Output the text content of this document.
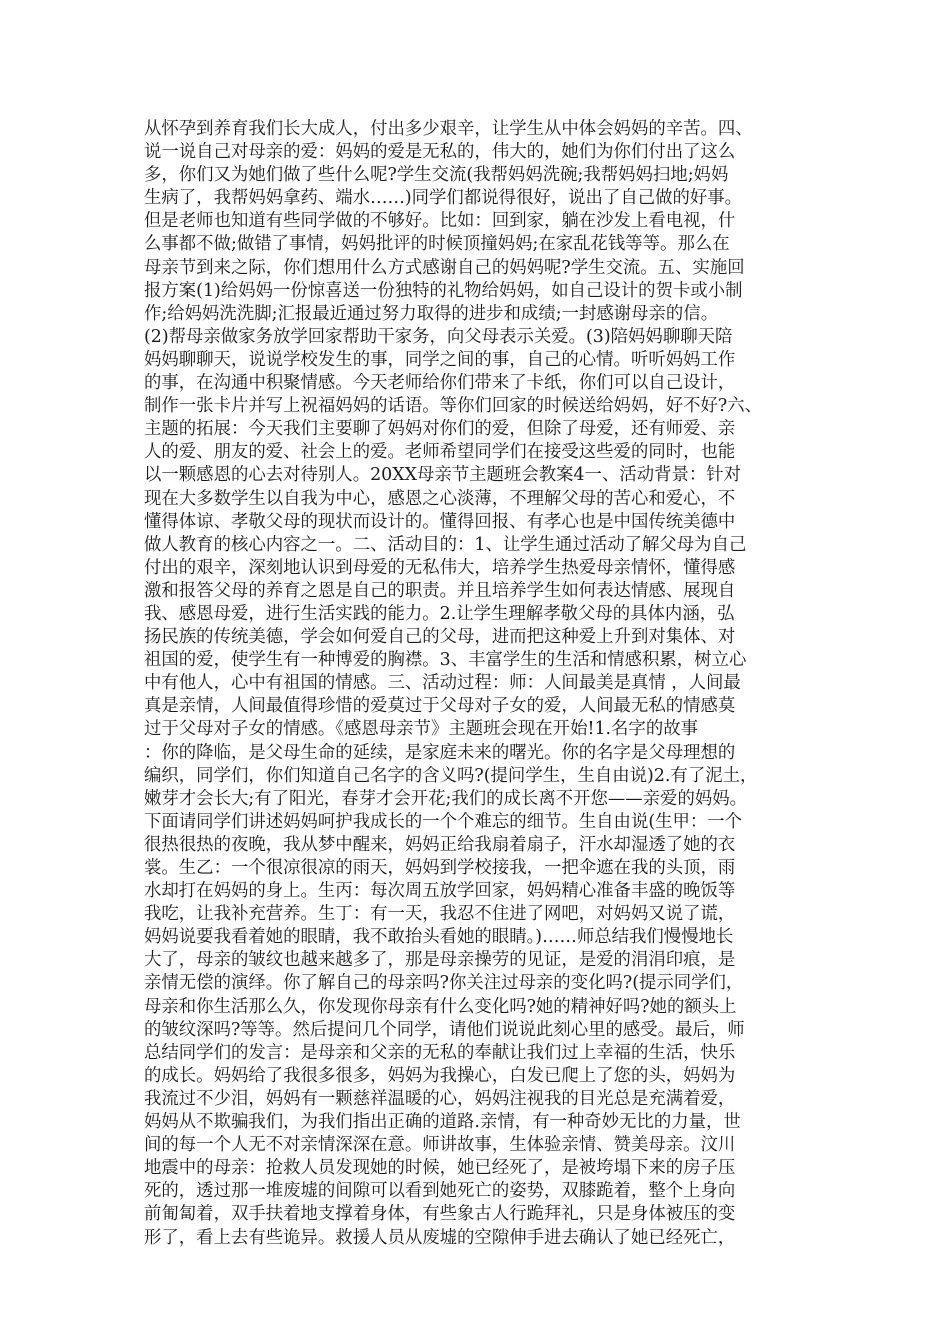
从怀孕到养育我们长大成人，付出多少艰辛，让学生从中体会妈妈的辛苦。四、
说一说自己对母亲的爱：妈妈的爱是无私的，伟大的，她们为你们付出了这么
多，你们又为她们做了些什么呢?学生交流(我帮妈妈洗碗;我帮妈妈扫地;妈妈
生病了，我帮妈妈拿药、端水……)同学们都说得很好，说出了自己做的好事。
但是老师也知道有些同学做的不够好。比如：回到家，躺在沙发上看电视，什
么事都不做;做错了事情，妈妈批评的时候顶撞妈妈;在家乱花钱等等。那么在
母亲节到来之际，你们想用什么方式感谢自己的妈妈呢?学生交流。五、实施回
报方案(1)给妈妈一份惊喜送一份独特的礼物给妈妈，如自己设计的贺卡或小制
作;给妈妈洗洗脚;汇报最近通过努力取得的进步和成绩;一封感谢母亲的信。
(2)帮母亲做家务放学回家帮助干家务，向父母表示关爱。(3)陪妈妈聊聊天陪
妈妈聊聊天，说说学校发生的事，同学之间的事，自己的心情。听听妈妈工作
的事，在沟通中积聚情感。今天老师给你们带来了卡纸，你们可以自己设计，
制作一张卡片并写上祝福妈妈的话语。等你们回家的时候送给妈妈，好不好?六、
主题的拓展：今天我们主要聊了妈妈对你们的爱，但除了母爱，还有师爱、亲
人的爱、朋友的爱、社会上的爱。老师希望同学们在接受这些爱的同时，也能
以一颗感恩的心去对待别人。20XX母亲节主题班会教案4一、活动背景：针对
现在大多数学生以自我为中心，感恩之心淡薄，不理解父母的苦心和爱心，不
懂得体谅、孝敬父母的现状而设计的。懂得回报、有孝心也是中国传统美德中
做人教育的核心内容之一。二、活动目的：1、让学生通过活动了解父母为自己
付出的艰辛，深刻地认识到母爱的无私伟大，培养学生热爱母亲情怀，懂得感
激和报答父母的养育之恩是自己的职责。并且培养学生如何表达情感、展现自
我、感恩母爱，进行生活实践的能力。2.让学生理解孝敬父母的具体内涵，弘
扬民族的传统美德，学会如何爱自己的父母，进而把这种爱上升到对集体、对
祖国的爱，使学生有一种博爱的胸襟。3、丰富学生的生活和情感积累，树立心
中有他人，心中有祖国的情感。三、活动过程：师：人间最美是真情 ，人间最
真是亲情，人间最值得珍惜的爱莫过于父母对子女的爱，人间最无私的情感莫
过于父母对子女的情感。《感恩母亲节》主题班会现在开始!1.名字的故事
：你的降临，是父母生命的延续，是家庭未来的曙光。你的名字是父母理想的
编织，同学们，你们知道自己名字的含义吗?(提问学生，生自由说)2.有了泥土，
嫩芽才会长大;有了阳光，春芽才会开花;我们的成长离不开您——亲爱的妈妈。
下面请同学们讲述妈妈呵护我成长的一个个难忘的细节。生自由说(生甲：一个
很热很热的夜晚，我从梦中醒来，妈妈正给我扇着扇子，汗水却湿透了她的衣
裳。生乙：一个很凉很凉的雨天，妈妈到学校接我，一把伞遮在我的头顶，雨
水却打在妈妈的身上。生丙：每次周五放学回家，妈妈精心准备丰盛的晚饭等
我吃，让我补充营养。生丁：有一天，我忍不住进了网吧，对妈妈又说了谎，
妈妈说要我看着她的眼睛，我不敢抬头看她的眼睛。)……师总结我们慢慢地长
大了，母亲的皱纹也越来越多了，那是母亲操劳的见证，是爱的涓涓印痕，是
亲情无偿的演绎。你了解自己的母亲吗?你关注过母亲的变化吗?(提示同学们，
母亲和你生活那么久，你发现你母亲有什么变化吗?她的精神好吗?她的额头上
的皱纹深吗?等等。然后提问几个同学，请他们说说此刻心里的感受。最后，师
总结同学们的发言：是母亲和父亲的无私的奉献让我们过上幸福的生活，快乐
的成长。妈妈给了我很多很多，妈妈为我操心，白发已爬上了您的头，妈妈为
我流过不少泪，妈妈有一颗慈祥温暖的心，妈妈注视我的目光总是充满着爱，
妈妈从不欺骗我们，为我们指出正确的道路.亲情，有一种奇妙无比的力量，世
间的每一个人无不对亲情深深在意。师讲故事，生体验亲情、赞美母亲。汶川
地震中的母亲：抢救人员发现她的时候，她已经死了，是被垮塌下来的房子压
死的，透过那一堆废墟的间隙可以看到她死亡的姿势，双膝跪着，整个上身向
前匍匐着，双手扶着地支撑着身体，有些象古人行跪拜礼，只是身体被压的变
形了，看上去有些诡异。救援人员从废墟的空隙伸手进去确认了她已经死亡，
